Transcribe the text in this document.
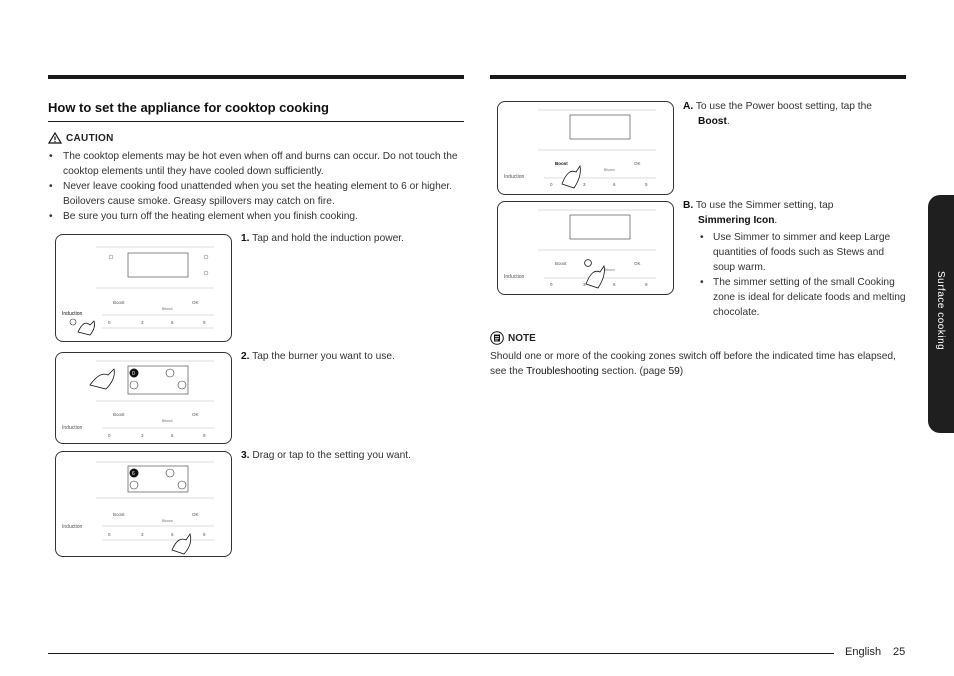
How to set the appliance for cooktop cooking
CAUTION
• The cooktop elements may be hot even when off and burns can occur. Do not touch the cooktop elements until they have cooled down sufficiently.
• Never leave cooking food unattended when you set the heating element to 6 or higher. Boilovers cause smoke. Greasy spillovers may catch on fire.
• Be sure you turn off the heating element when you finish cooking.
Boost	OK
Bitown
Induction
0	3	6	9
1. Tap and hold the induction power.
0
Boost	OK
Bitown
Induction
0	3	6	9
2. Tap the burner you want to use.
6
Boost	OK
Bitown
Induction
0	3	6	9
3. Drag or tap to the setting you want.
Boost	OK
Bitown
Induction
0	3	6	9
Boost	OK
Bitown
Induction
0	3	6	9
A. To use the Power boost setting, tap the
Boost.
B. To use the Simmer setting, tap
Simmering Icon.
• Use Simmer to simmer and keep Large quantities of foods such as Stews and soup warm.
• The simmer setting of the small Cooking zone is ideal for delicate foods and melting chocolate.
NOTE
Should one or more of the cooking zones switch off before the indicated time has elapsed, see the Troubleshooting section. (page 59)
Surface cooking
English 25
